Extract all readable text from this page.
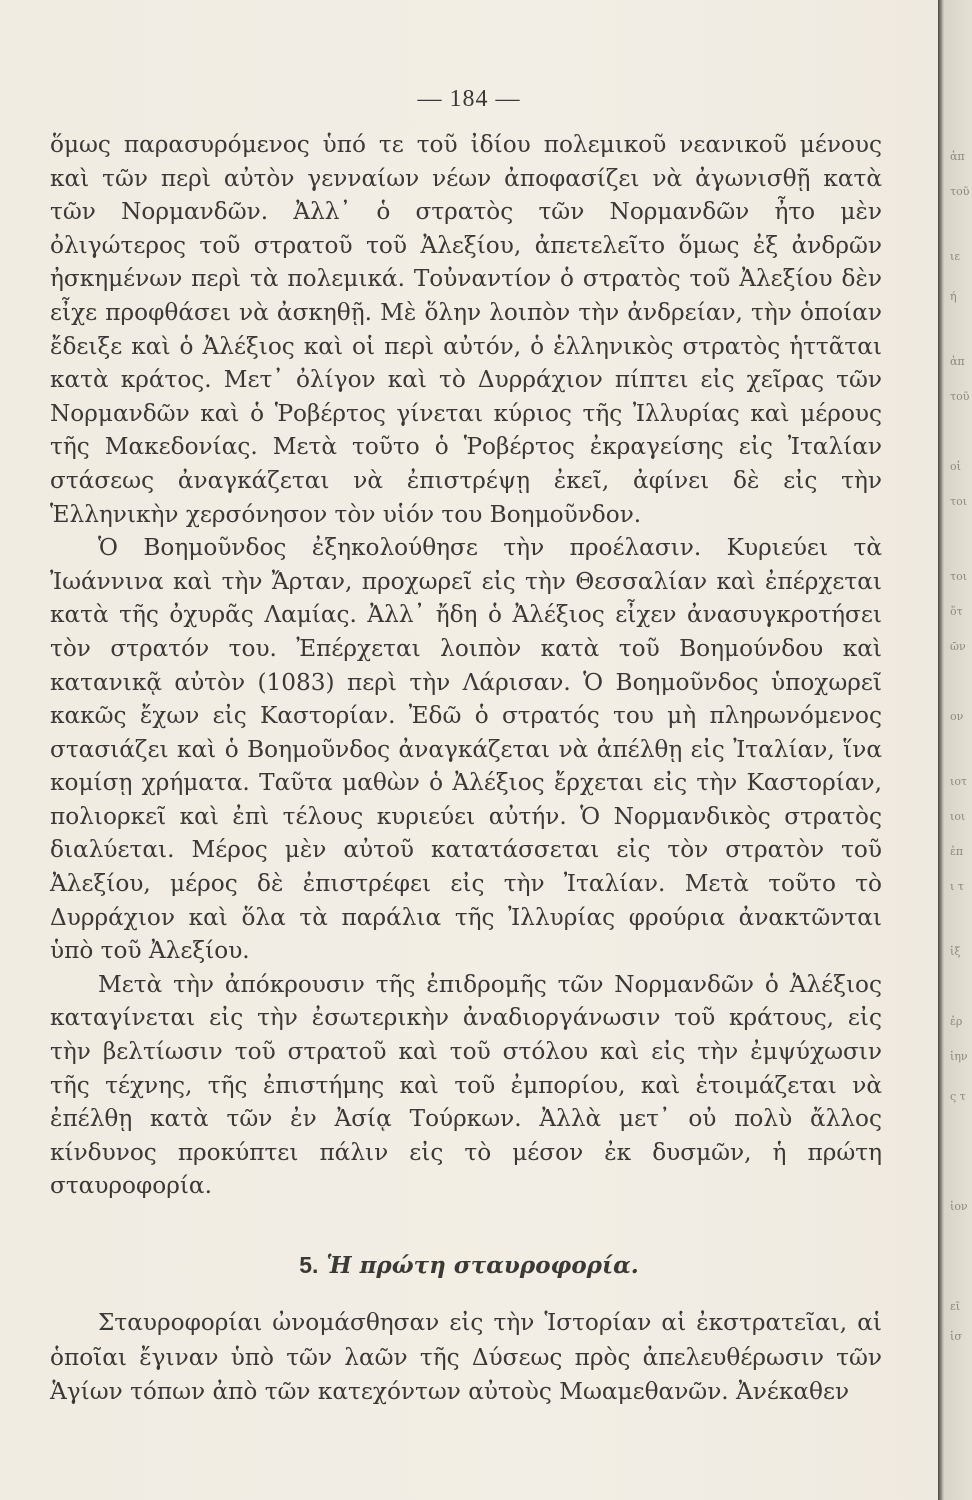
— 184 —

ὅμως παρασυρόμενος ὑπό τε τοῦ ἰδίου πολεμικοῦ νεανικοῦ μένους καὶ τῶν περὶ αὐτὸν γενναίων νέων ἀποφασίζει νὰ ἀγωνισθῇ κατὰ τῶν Νορμανδῶν. Ἀλλ᾽ ὁ στρατὸς τῶν Νορμανδῶν ἦτο μὲν ὀλιγώτερος τοῦ στρατοῦ τοῦ Ἀλεξίου, ἀπετελεῖτο ὅμως ἐξ ἀνδρῶν ἠσκημένων περὶ τὰ πολεμικά. Τοὐναντίον ὁ στρατὸς τοῦ Ἀλεξίου δὲν εἶχε προφθάσει νὰ ἀσκηθῇ. Μὲ ὅλην λοιπὸν τὴν ἀνδρείαν, τὴν ὁποίαν ἔδειξε καὶ ὁ Ἀλέξιος καὶ οἱ περὶ αὐτόν, ὁ ἑλληνικὸς στρατὸς ἡττᾶται κατὰ κράτος. Μετ᾽ ὀλίγον καὶ τὸ Δυρράχιον πίπτει εἰς χεῖρας τῶν Νορμανδῶν καὶ ὁ Ῥοβέρτος γίνεται κύριος τῆς Ἰλλυρίας καὶ μέρους τῆς Μακεδονίας. Μετὰ τοῦτο ὁ Ῥοβέρτος ἐκραγείσης εἰς Ἰταλίαν στάσεως ἀναγκάζεται νὰ ἐπιστρέψῃ ἐκεῖ, ἀφίνει δὲ εἰς τὴν Ἑλληνικὴν χερσόνησον τὸν υἱόν του Βοημοῦνδον.

Ὁ Βοημοῦνδος ἐξηκολούθησε τὴν προέλασιν. Κυριεύει τὰ Ἰωάννινα καὶ τὴν Ἄρταν, προχωρεῖ εἰς τὴν Θεσσαλίαν καὶ ἐπέρχεται κατὰ τῆς ὀχυρᾶς Λαμίας. Ἀλλ᾽ ἤδη ὁ Ἀλέξιος εἶχεν ἀνασυγκροτήσει τὸν στρατόν του. Ἐπέρχεται λοιπὸν κατὰ τοῦ Βοημούνδου καὶ κατανικᾷ αὐτὸν (1083) περὶ τὴν Λάρισαν. Ὁ Βοημοῦνδος ὑποχωρεῖ κακῶς ἔχων εἰς Καστορίαν. Ἐδῶ ὁ στρατός του μὴ πληρωνόμενος στασιάζει καὶ ὁ Βοημοῦνδος ἀναγκάζεται νὰ ἀπέλθῃ εἰς Ἰταλίαν, ἵνα κομίσῃ χρήματα. Ταῦτα μαθὼν ὁ Ἀλέξιος ἔρχεται εἰς τὴν Καστορίαν, πολιορκεῖ καὶ ἐπὶ τέλους κυριεύει αὐτήν. Ὁ Νορμανδικὸς στρατὸς διαλύεται. Μέρος μὲν αὐτοῦ κατατάσσεται εἰς τὸν στρατὸν τοῦ Ἀλεξίου, μέρος δὲ ἐπιστρέφει εἰς τὴν Ἰταλίαν. Μετὰ τοῦτο τὸ Δυρράχιον καὶ ὅλα τὰ παράλια τῆς Ἰλλυρίας φρούρια ἀνακτῶνται ὑπὸ τοῦ Ἀλεξίου.

Μετὰ τὴν ἀπόκρουσιν τῆς ἐπιδρομῆς τῶν Νορμανδῶν ὁ Ἀλέξιος καταγίνεται εἰς τὴν ἐσωτερικὴν ἀναδιοργάνωσιν τοῦ κράτους, εἰς τὴν βελτίωσιν τοῦ στρατοῦ καὶ τοῦ στόλου καὶ εἰς τὴν ἐμψύχωσιν τῆς τέχνης, τῆς ἐπιστήμης καὶ τοῦ ἐμπορίου, καὶ ἑτοιμάζεται νὰ ἐπέλθῃ κατὰ τῶν ἐν Ἀσίᾳ Τούρκων. Ἀλλὰ μετ᾽ οὐ πολὺ ἄλλος κίνδυνος προκύπτει πάλιν εἰς τὸ μέσον ἐκ δυσμῶν, ἡ πρώτη σταυροφορία.

5. Ἡ πρώτη σταυροφορία.

Σταυροφορίαι ὠνομάσθησαν εἰς τὴν Ἱστορίαν αἱ ἐκστρατεῖαι, αἱ ὁποῖαι ἔγιναν ὑπὸ τῶν λαῶν τῆς Δύσεως πρὸς ἀπελευθέρωσιν τῶν Ἁγίων τόπων ἀπὸ τῶν κατεχόντων αὐτοὺς Μωαμεθανῶν. Ἀνέκαθεν

ἀπ
τοῦ
ιε
ή
ἀπ
τοῦ
οἱ
τοι
τοι
ὅτ
ῶν
ον
ιοτ
ιοι
ἐπ
ι τ
ἰξ
ἐρ
ἰην
ς τ
ἰον
εῖ
ἰσ
